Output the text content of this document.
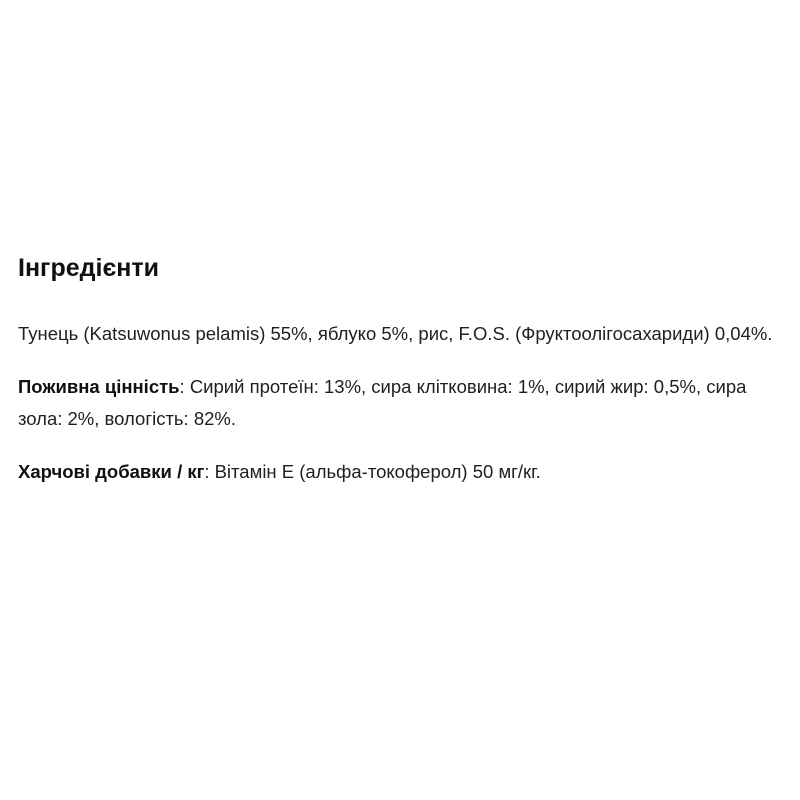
Інгредієнти

Тунець (Katsuwonus pelamis) 55%, яблуко 5%, рис, F.O.S. (Фруктоолігосахариди) 0,04%.

Поживна цінність: Сирий протеїн: 13%, сира клітковина: 1%, сирий жир: 0,5%, сира зола: 2%, вологість: 82%.

Харчові добавки / кг: Вітамін Е (альфа-токоферол) 50 мг/кг.
